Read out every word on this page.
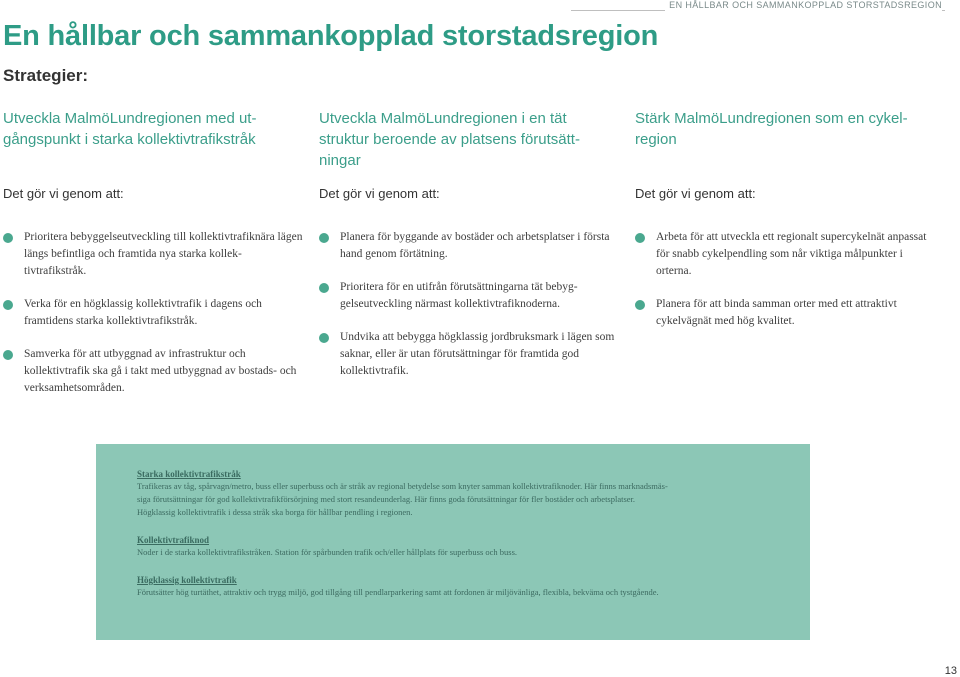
EN HÅLLBAR OCH SAMMANKOPPLAD STORSTADSREGION
En hållbar och sammankopplad storstadsregion
Strategier:
Utveckla MalmöLundregionen med ut-
gångspunkt i starka kollektivtrafikstråk
Det gör vi genom att:
Prioritera bebyggelseutveckling till kollektivtrafiknära lägen längs befintliga och framtida nya starka kollek-tivtrafikstråk.
Verka för en högklassig kollektivtrafik i dagens och framtidens starka kollektivtrafikstråk.
Samverka för att utbyggnad av infrastruktur och kollektivtrafik ska gå i takt med utbyggnad av bostads- och verksamhetsområden.
Utveckla MalmöLundregionen i en tät
struktur beroende av platsens förutsätt-
ningar
Det gör vi genom att:
Planera för byggande av bostäder och arbetsplatser i första hand genom förtätning.
Prioritera för en utifrån förutsättningarna tät bebyg-gelseutveckling närmast kollektivtrafiknoderna.
Undvika att bebygga högklassig jordbruksmark i lägen som saknar, eller är utan förutsättningar för framtida god kollektivtrafik.
Stärk MalmöLundregionen som en cykel-
region
Det gör vi genom att:
Arbeta för att utveckla ett regionalt supercykelnät anpassat för snabb cykelpendling som når viktiga målpunkter i orterna.
Planera för att binda samman orter med ett attraktivt cykelvägnät med hög kvalitet.
Starka kollektivtrafikstråk
Trafikeras av tåg, spårvagn/metro, buss eller superbuss och är stråk av regional betydelse som knyter samman kollektivtrafiknoder. Här finns marknadsmäs-
siga förutsättningar för god kollektivtrafikförsörjning med stort resandeunderlag. Här finns goda förutsättningar för fler bostäder och arbetsplatser.
Högklassig kollektivtrafik i dessa stråk ska borga för hållbar pendling i regionen.
Kollektivtrafiknod
Noder i de starka kollektivtrafikstråken. Station för spårbunden trafik och/eller hållplats för superbuss och buss.
Högklassig kollektivtrafik
Förutsätter hög turtäthet, attraktiv och trygg miljö, god tillgång till pendlarparkering samt att fordonen är miljövänliga, flexibla, bekväma och tystgående.
13
